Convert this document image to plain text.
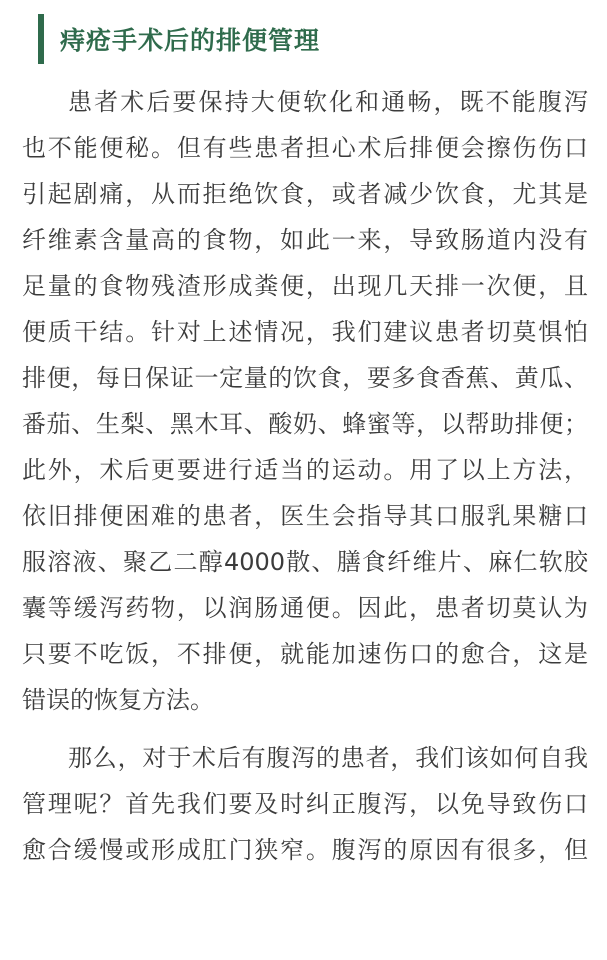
痔疮手术后的排便管理
患者术后要保持大便软化和通畅，既不能腹泻
也不能便秘。但有些患者担心术后排便会擦伤伤口
引起剧痛，从而拒绝饮食，或者减少饮食，尤其是
纤维素含量高的食物，如此一来，导致肠道内没有
足量的食物残渣形成粪便，出现几天排一次便，且
便质干结。针对上述情况，我们建议患者切莫惧怕
排便，每日保证一定量的饮食，要多食香蕉、黄瓜、
番茄、生梨、黑木耳、酸奶、蜂蜜等，以帮助排便；
此外，术后更要进行适当的运动。用了以上方法，
依旧排便困难的患者，医生会指导其口服乳果糖口
服溶液、聚乙二醇4000散、膳食纤维片、麻仁软胶
囊等缓泻药物，以润肠通便。因此，患者切莫认为
只要不吃饭，不排便，就能加速伤口的愈合，这是
错误的恢复方法。
那么，对于术后有腹泻的患者，我们该如何自我
管理呢？首先我们要及时纠正腹泻，以免导致伤口
愈合缓慢或形成肛门狭窄。腹泻的原因有很多，但
